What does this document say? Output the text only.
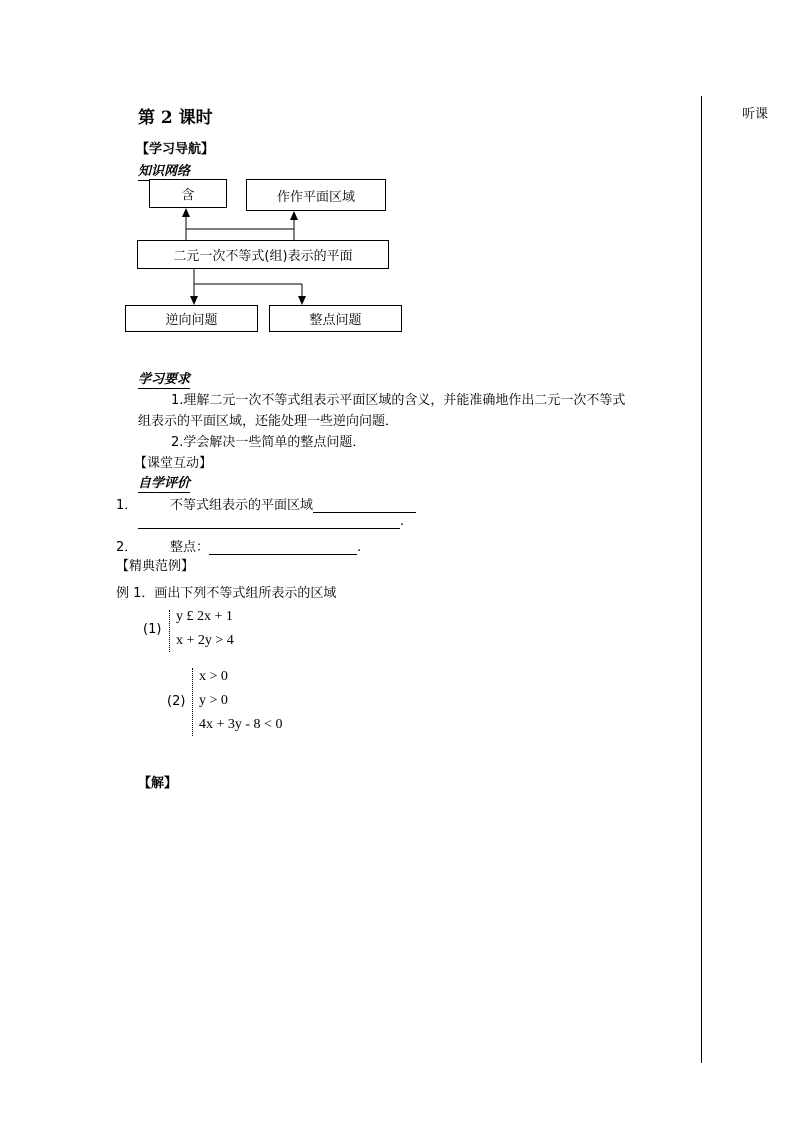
听课
第 2 课时
【学习导航】
知识网络
含	作作平面区域
二元一次不等式(组)表示的平面
逆向问题	整点问题
学习要求
1.理解二元一次不等式组表示平面区域的含义，并能准确地作出二元一次不等式
组表示的平面区域，还能处理一些逆向问题．
2.学会解决一些简单的整点问题．
【课堂互动】
自学评价
1．	不等式组表示的平面区域
.
2．	整点：	.
【精典范例】
例 1．画出下列不等式组所表示的区域
(1)
y £ 2x + 1
x + 2y > 4
(2)
x > 0
y > 0
4x + 3y - 8 < 0
【解】
